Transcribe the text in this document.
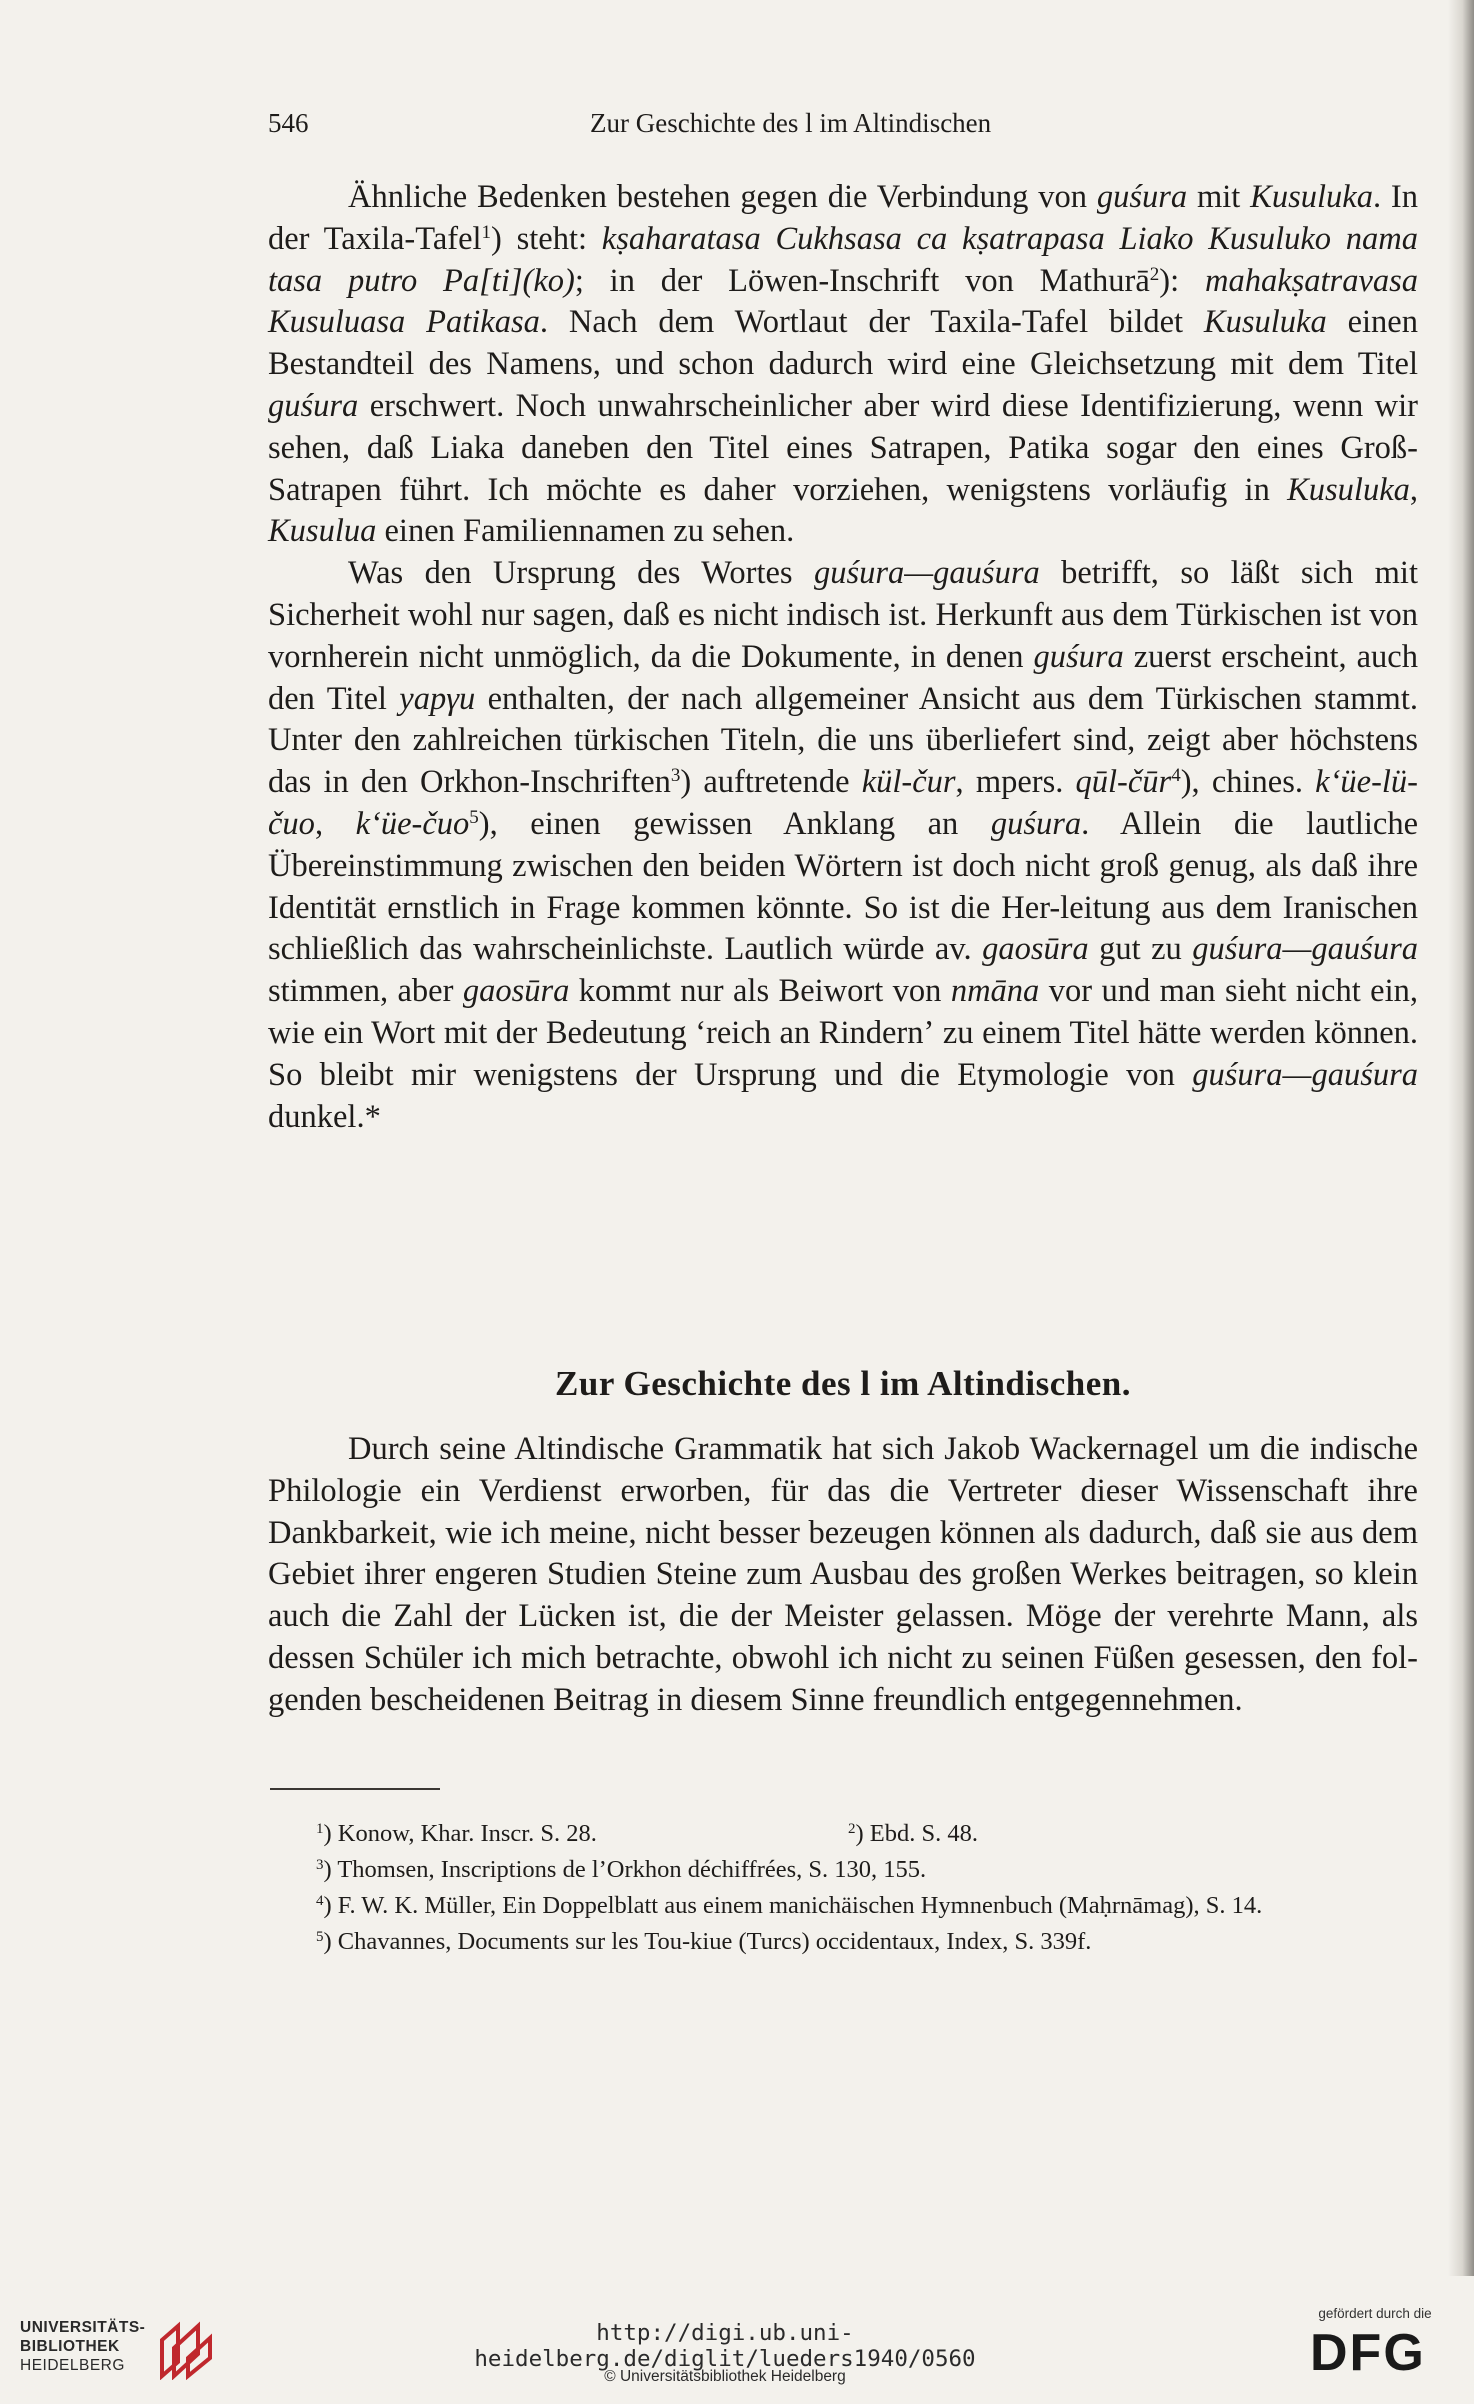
546	Zur Geschichte des l im Altindischen

Ähnliche Bedenken bestehen gegen die Verbindung von guśura mit Kusuluka. In der Taxila-Tafel$^1$) steht: kṣaharatasa Cukhsasa ca kṣatrapasa Liako Kusuluko nama tasa putro Pa[ti](ko); in der Löwen-Inschrift von Mathurā$^2$): mahakṣatravasa Kusuluasa Patikasa. Nach dem Wortlaut der Taxila-Tafel bildet Kusuluka einen Bestandteil des Namens, und schon dadurch wird eine Gleichsetzung mit dem Titel guśura erschwert. Noch unwahrscheinlicher aber wird diese Identifizierung, wenn wir sehen, daß Liaka daneben den Titel eines Satrapen, Patika sogar den eines Groß-Satrapen führt. Ich möchte es daher vorziehen, wenigstens vorläufig in Kusuluka, Kusulua einen Familiennamen zu sehen.

Was den Ursprung des Wortes guśura—gauśura betrifft, so läßt sich mit Sicherheit wohl nur sagen, daß es nicht indisch ist. Herkunft aus dem Türkischen ist von vornherein nicht unmöglich, da die Dokumente, in denen guśura zuerst erscheint, auch den Titel yapγu enthalten, der nach allgemeiner Ansicht aus dem Türkischen stammt. Unter den zahlreichen türkischen Titeln, die uns überliefert sind, zeigt aber höchstens das in den Orkhon-Inschriften$^3$) auftretende kül-čur, mpers. qūl-čūr$^4$), chines. kʻüe-lü-čuo, kʻüe-čuo$^5$), einen gewissen Anklang an guśura. Allein die lautliche Übereinstimmung zwischen den beiden Wörtern ist doch nicht groß genug, als daß ihre Identität ernstlich in Frage kommen könnte. So ist die Her-leitung aus dem Iranischen schließlich das wahrscheinlichste. Lautlich würde av. gaosūra gut zu guśura—gauśura stimmen, aber gaosūra kommt nur als Beiwort von nmāna vor und man sieht nicht ein, wie ein Wort mit der Bedeutung ʻreich an Rindernʼ zu einem Titel hätte werden können. So bleibt mir wenigstens der Ursprung und die Etymologie von guśura—gauśura dunkel.*

Zur Geschichte des l im Altindischen.

Durch seine Altindische Grammatik hat sich Jakob Wackernagel um die indische Philologie ein Verdienst erworben, für das die Vertreter dieser Wissenschaft ihre Dankbarkeit, wie ich meine, nicht besser bezeugen können als dadurch, daß sie aus dem Gebiet ihrer engeren Studien Steine zum Ausbau des großen Werkes beitragen, so klein auch die Zahl der Lücken ist, die der Meister gelassen. Möge der verehrte Mann, als dessen Schüler ich mich betrachte, obwohl ich nicht zu seinen Füßen gesessen, den fol-genden bescheidenen Beitrag in diesem Sinne freundlich entgegennehmen.

$^1$) Konow, Khar. Inscr. S. 28.	$^2$) Ebd. S. 48.
$^3$) Thomsen, Inscriptions de l’Orkhon déchiffrées, S. 130, 155.
$^4$) F. W. K. Müller, Ein Doppelblatt aus einem manichäischen Hymnenbuch (Maḥrnāmag), S. 14.
$^5$) Chavannes, Documents sur les Tou-kiue (Turcs) occidentaux, Index, S. 339f.
UNIVERSITÄTS-
BIBLIOTHEK
HEIDELBERG
http://digi.ub.uni-heidelberg.de/diglit/lueders1940/0560
© Universitätsbibliothek Heidelberg
gefördert durch die
DFG
